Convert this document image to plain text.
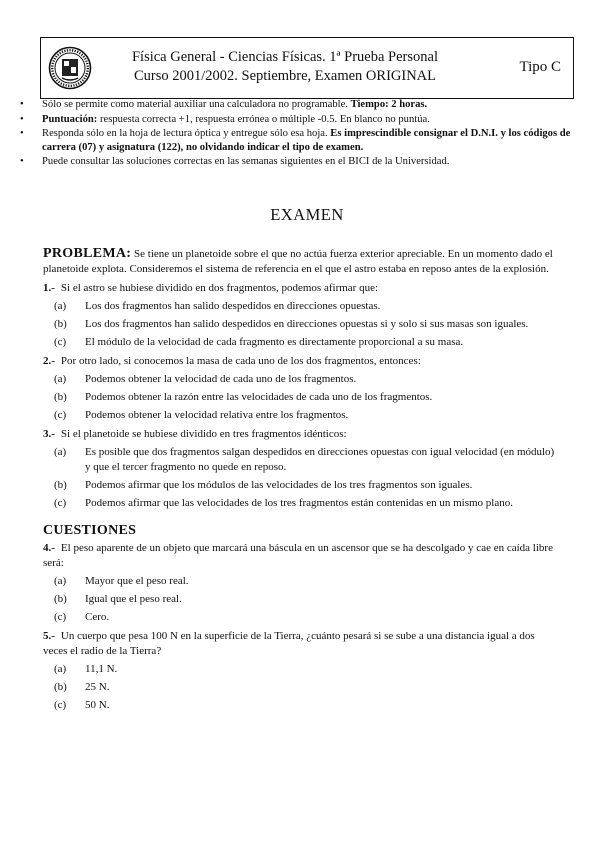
Física General - Ciencias Físicas. 1ª Prueba Personal
Curso 2001/2002. Septiembre, Examen ORIGINAL
Tipo C
• Sólo se permite como material auxiliar una calculadora no programable. Tiempo: 2 horas.
• Puntuación: respuesta correcta +1, respuesta errónea o múltiple -0.5. En blanco no puntúa.
• Responda sólo en la hoja de lectura óptica y entregue sólo esa hoja. Es imprescindible consignar el D.N.I. y los códigos de carrera (07) y asignatura (122), no olvidando indicar el tipo de examen.
• Puede consultar las soluciones correctas en las semanas siguientes en el BICI de la Universidad.
EXAMEN

PROBLEMA: Se tiene un planetoide sobre el que no actúa fuerza exterior apreciable. En un momento dado el planetoide explota. Consideremos el sistema de referencia en el que el astro estaba en reposo antes de la explosión.

1.- Si el astro se hubiese dividido en dos fragmentos, podemos afirmar que:
(a) Los dos fragmentos han salido despedidos en direcciones opuestas.
(b) Los dos fragmentos han salido despedidos en direcciones opuestas si y solo si sus masas son iguales.
(c) El módulo de la velocidad de cada fragmento es directamente proporcional a su masa.
2.- Por otro lado, si conocemos la masa de cada uno de los dos fragmentos, entonces:
(a) Podemos obtener la velocidad de cada uno de los fragmentos.
(b) Podemos obtener la razón entre las velocidades de cada uno de los fragmentos.
(c) Podemos obtener la velocidad relativa entre los fragmentos.
3.- Si el planetoide se hubiese dividido en tres fragmentos idénticos:
(a) Es posible que dos fragmentos salgan despedidos en direcciones opuestas con igual velocidad (en módulo) y que el tercer fragmento no quede en reposo.
(b) Podemos afirmar que los módulos de las velocidades de los tres fragmentos son iguales.
(c) Podemos afirmar que las velocidades de los tres fragmentos están contenidas en un mismo plano.
CUESTIONES
4.- El peso aparente de un objeto que marcará una báscula en un ascensor que se ha descolgado y cae en caída libre será:
(a) Mayor que el peso real.
(b) Igual que el peso real.
(c) Cero.
5.- Un cuerpo que pesa 100 N en la superficie de la Tierra, ¿cuánto pesará si se sube a una distancia igual a dos veces el radio de la Tierra?
(a) 11,1 N.
(b) 25 N.
(c) 50 N.
